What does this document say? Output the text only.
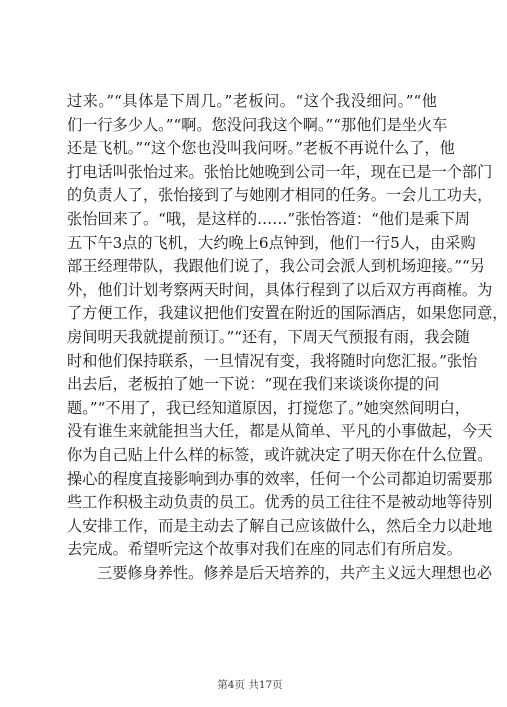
过来。”“具体是下周几。”老板问。“这个我没细问。”“他
们一行多少人。”“啊。您没问我这个啊。”“那他们是坐火车
还是飞机。”“这个您也没叫我问呀。”老板不再说什么了，他
打电话叫张怡过来。张怡比她晚到公司一年，现在已是一个部门
的负责人了，张怡接到了与她刚才相同的任务。一会儿工功夫，
张怡回来了。“哦，是这样的……”张怡答道：“他们是乘下周
五下午3点的飞机，大约晚上6点钟到，他们一行5人，由采购
部王经理带队，我跟他们说了，我公司会派人到机场迎接。”“另
外，他们计划考察两天时间，具体行程到了以后双方再商榷。为
了方便工作，我建议把他们安置在附近的国际酒店，如果您同意，
房间明天我就提前预订。”“还有，下周天气预报有雨，我会随
时和他们保持联系，一旦情况有变，我将随时向您汇报。”张怡
出去后，老板拍了她一下说：“现在我们来谈谈你提的问
题。”“不用了，我已经知道原因，打搅您了。”她突然间明白，
没有谁生来就能担当大任，都是从简单、平凡的小事做起，今天
你为自己贴上什么样的标签，或许就决定了明天你在什么位置。
操心的程度直接影响到办事的效率，任何一个公司都迫切需要那
些工作积极主动负责的员工。优秀的员工往往不是被动地等待别
人安排工作，而是主动去了解自己应该做什么，然后全力以赴地
去完成。希望听完这个故事对我们在座的同志们有所启发。
三要修身养性。修养是后天培养的，共产主义远大理想也必
第4页 共17页
